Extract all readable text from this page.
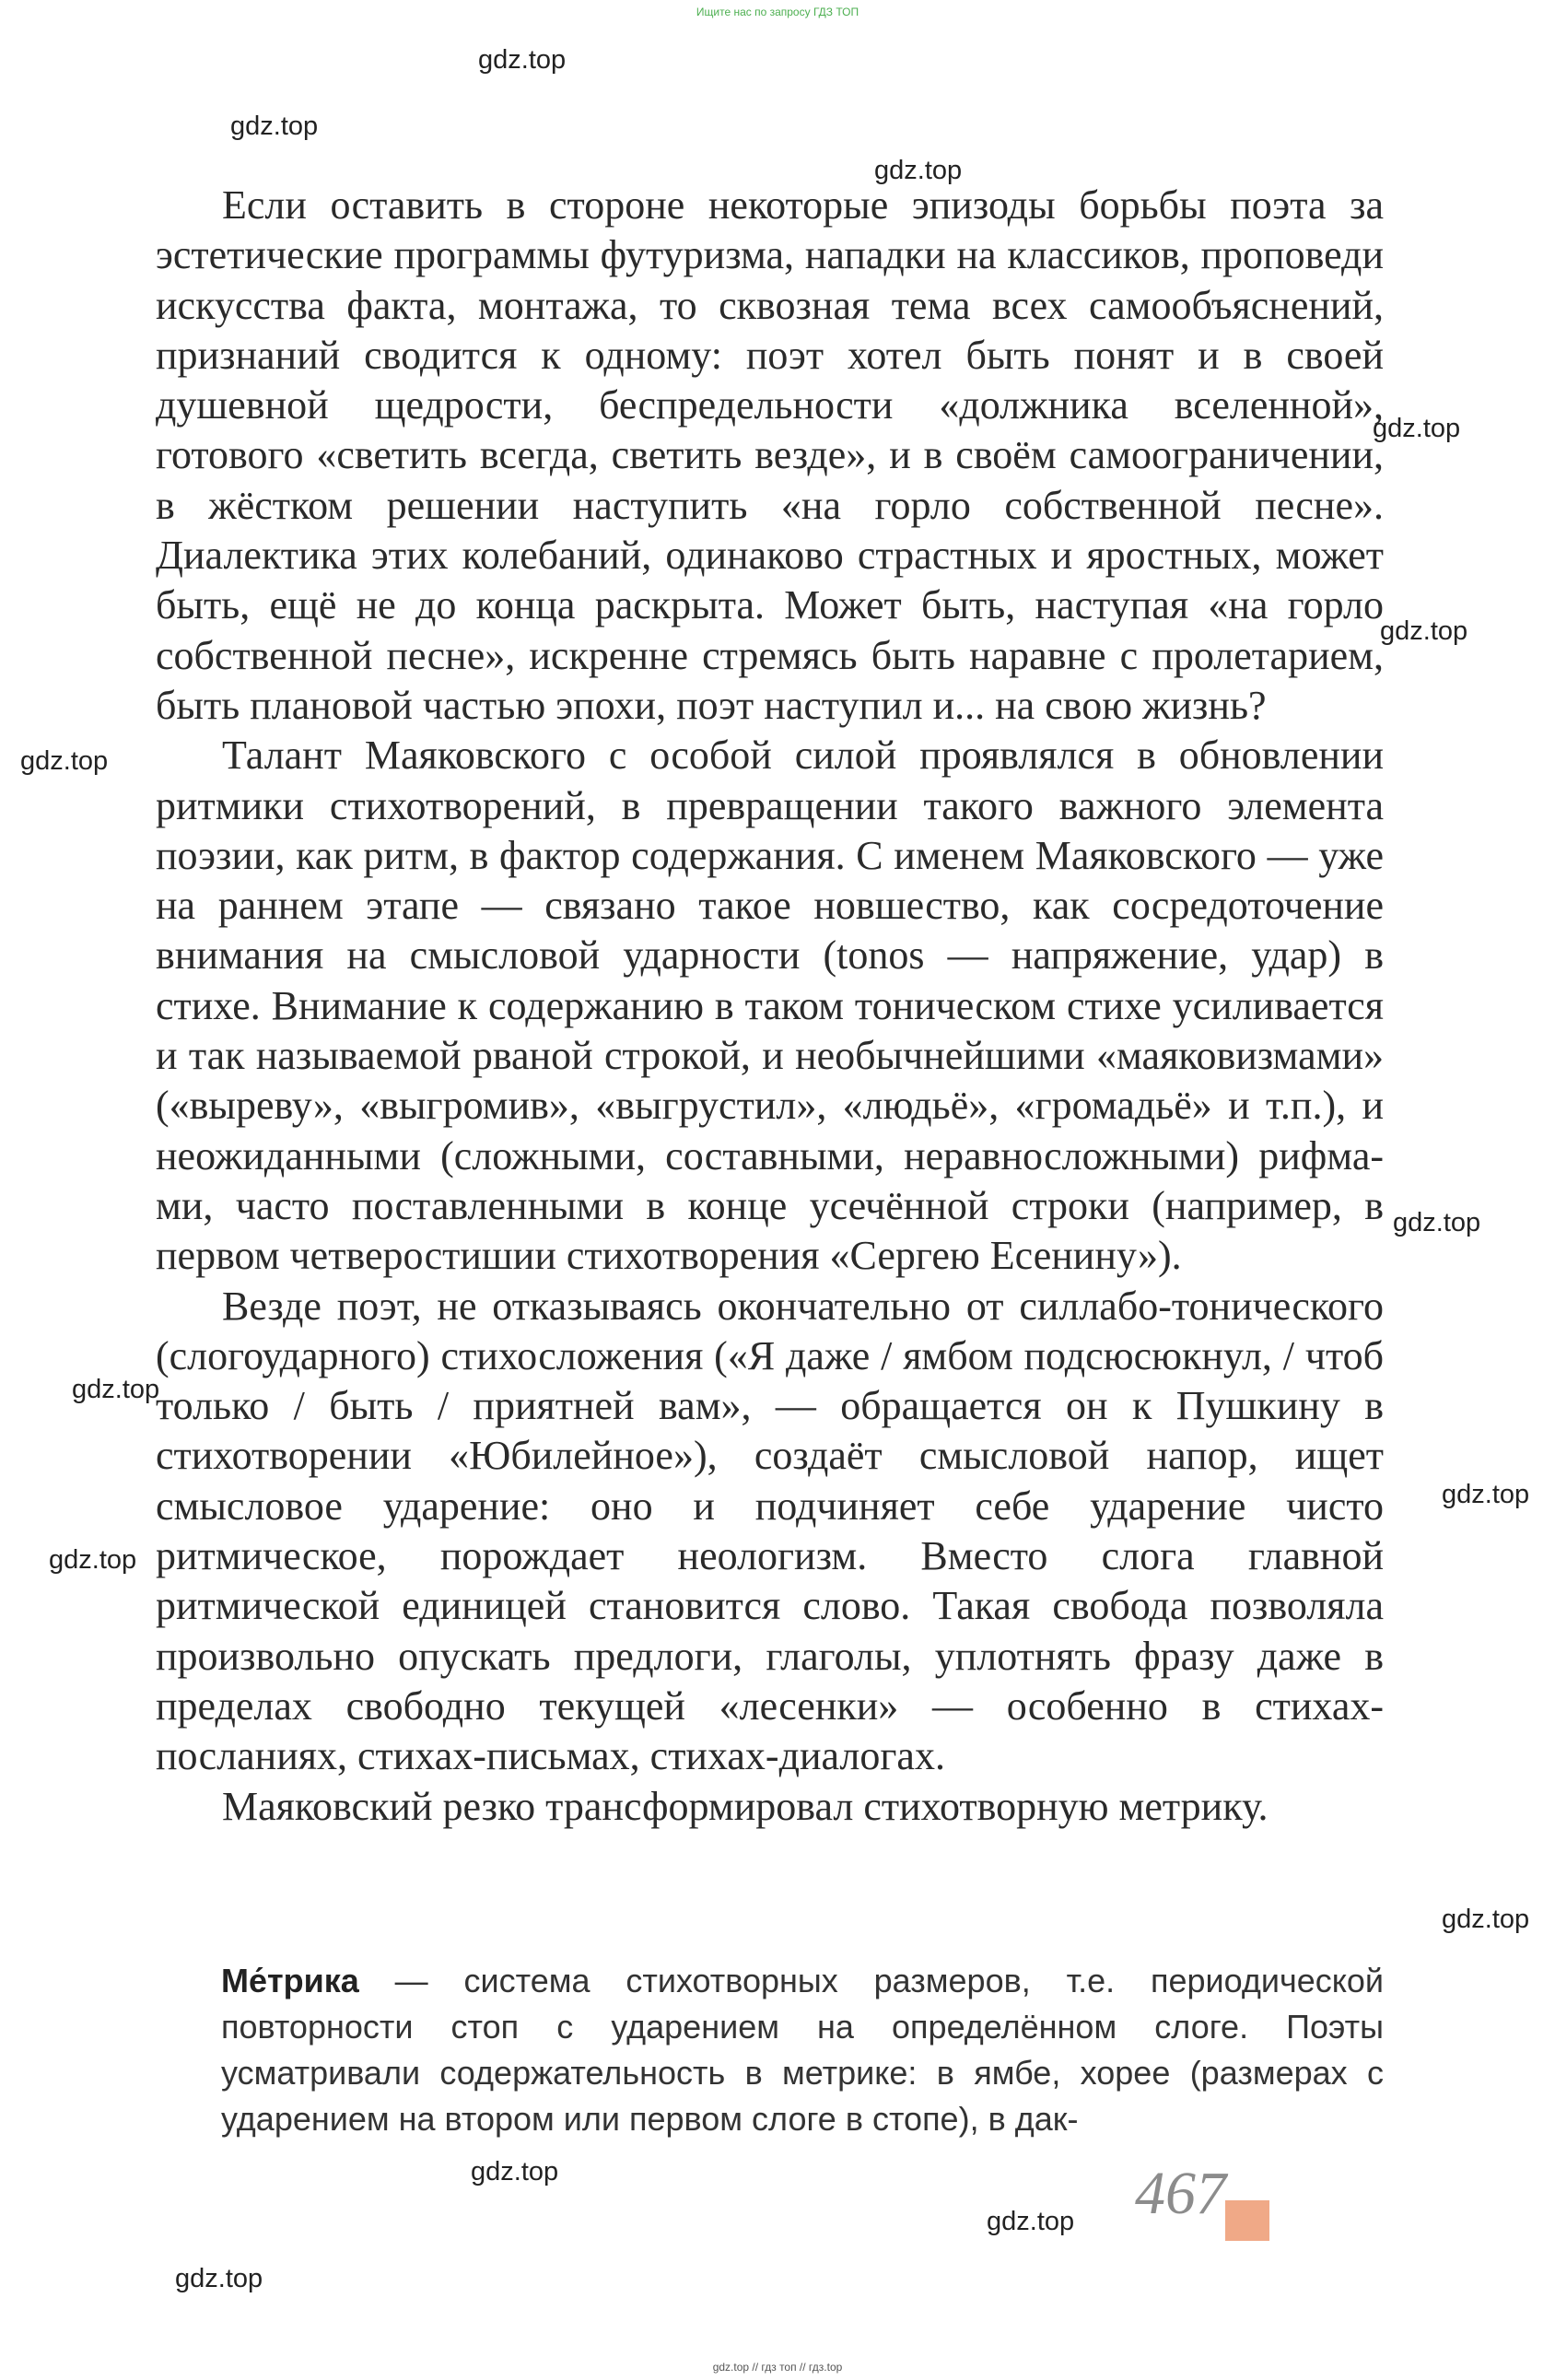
Ищите нас по запросу ГДЗ ТОП
gdz.top
gdz.top
gdz.top
gdz.top
gdz.top
gdz.top
gdz.top
gdz.top
gdz.top
gdz.top
gdz.top
gdz.top
gdz.top
gdz.top

Если оставить в стороне некоторые эпизоды борьбы поэта за эстетические программы футуризма, нападки на классиков, проповеди искусства факта, монтажа, то сквозная тема всех самообъяснений, признаний сводится к одному: поэт хотел быть понят и в своей душевной щедрости, беспредельности «должника вселенной», готового «светить всегда, светить везде», и в своём самоограничении, в жёстком решении наступить «на горло собственной песне». Диалектика этих колебаний, одинаково страстных и яростных, может быть, ещё не до конца раскрыта. Может быть, наступая «на горло собственной песне», искренне стремясь быть наравне с пролетарием, быть плановой частью эпохи, поэт наступил и... на свою жизнь?

Талант Маяковского с особой силой проявлялся в обновлении ритмики стихотворений, в превращении такого важного элемента поэзии, как ритм, в фактор содержания. С именем Маяковского — уже на раннем этапе — связано такое новшество, как сосредоточение внимания на смысловой ударности (tonos — напряжение, удар) в стихе. Внимание к содержанию в таком тоническом стихе усиливается и так называемой рваной строкой, и необычнейшими «маяковизмами» («выреву», «выгромив», «выгрустил», «людьё», «громадьё» и т.п.), и неожиданными (сложными, составными, неравносложными) рифмами, часто поставленными в конце усечённой строки (например, в первом четверостишии стихотворения «Сергею Есенину»).

Везде поэт, не отказываясь окончательно от силлабо-тонического (слогоударного) стихосложения («Я даже / ямбом подсюсюкнул, / чтоб только / быть / приятней вам», — обращается он к Пушкину в стихотворении «Юбилейное»), создаёт смысловой напор, ищет смысловое ударение: оно и подчиняет себе ударение чисто ритмическое, порождает неологизм. Вместо слога главной ритмической единицей становится слово. Такая свобода позволяла произвольно опускать предлоги, глаголы, уплотнять фразу даже в пределах свободно текущей «лесенки» — особенно в стихах-посланиях, стихах-письмах, стихах-диалогах.

Маяковский резко трансформировал стихотворную метрику.

Ме́трика — система стихотворных размеров, т.е. периодической повторности стоп с ударением на определённом слоге. Поэты усматривали содержательность в метрике: в ямбе, хорее (размерах с ударением на втором или первом слоге в стопе), в дак-
467
gdz.top // гдз топ // гдз.top
